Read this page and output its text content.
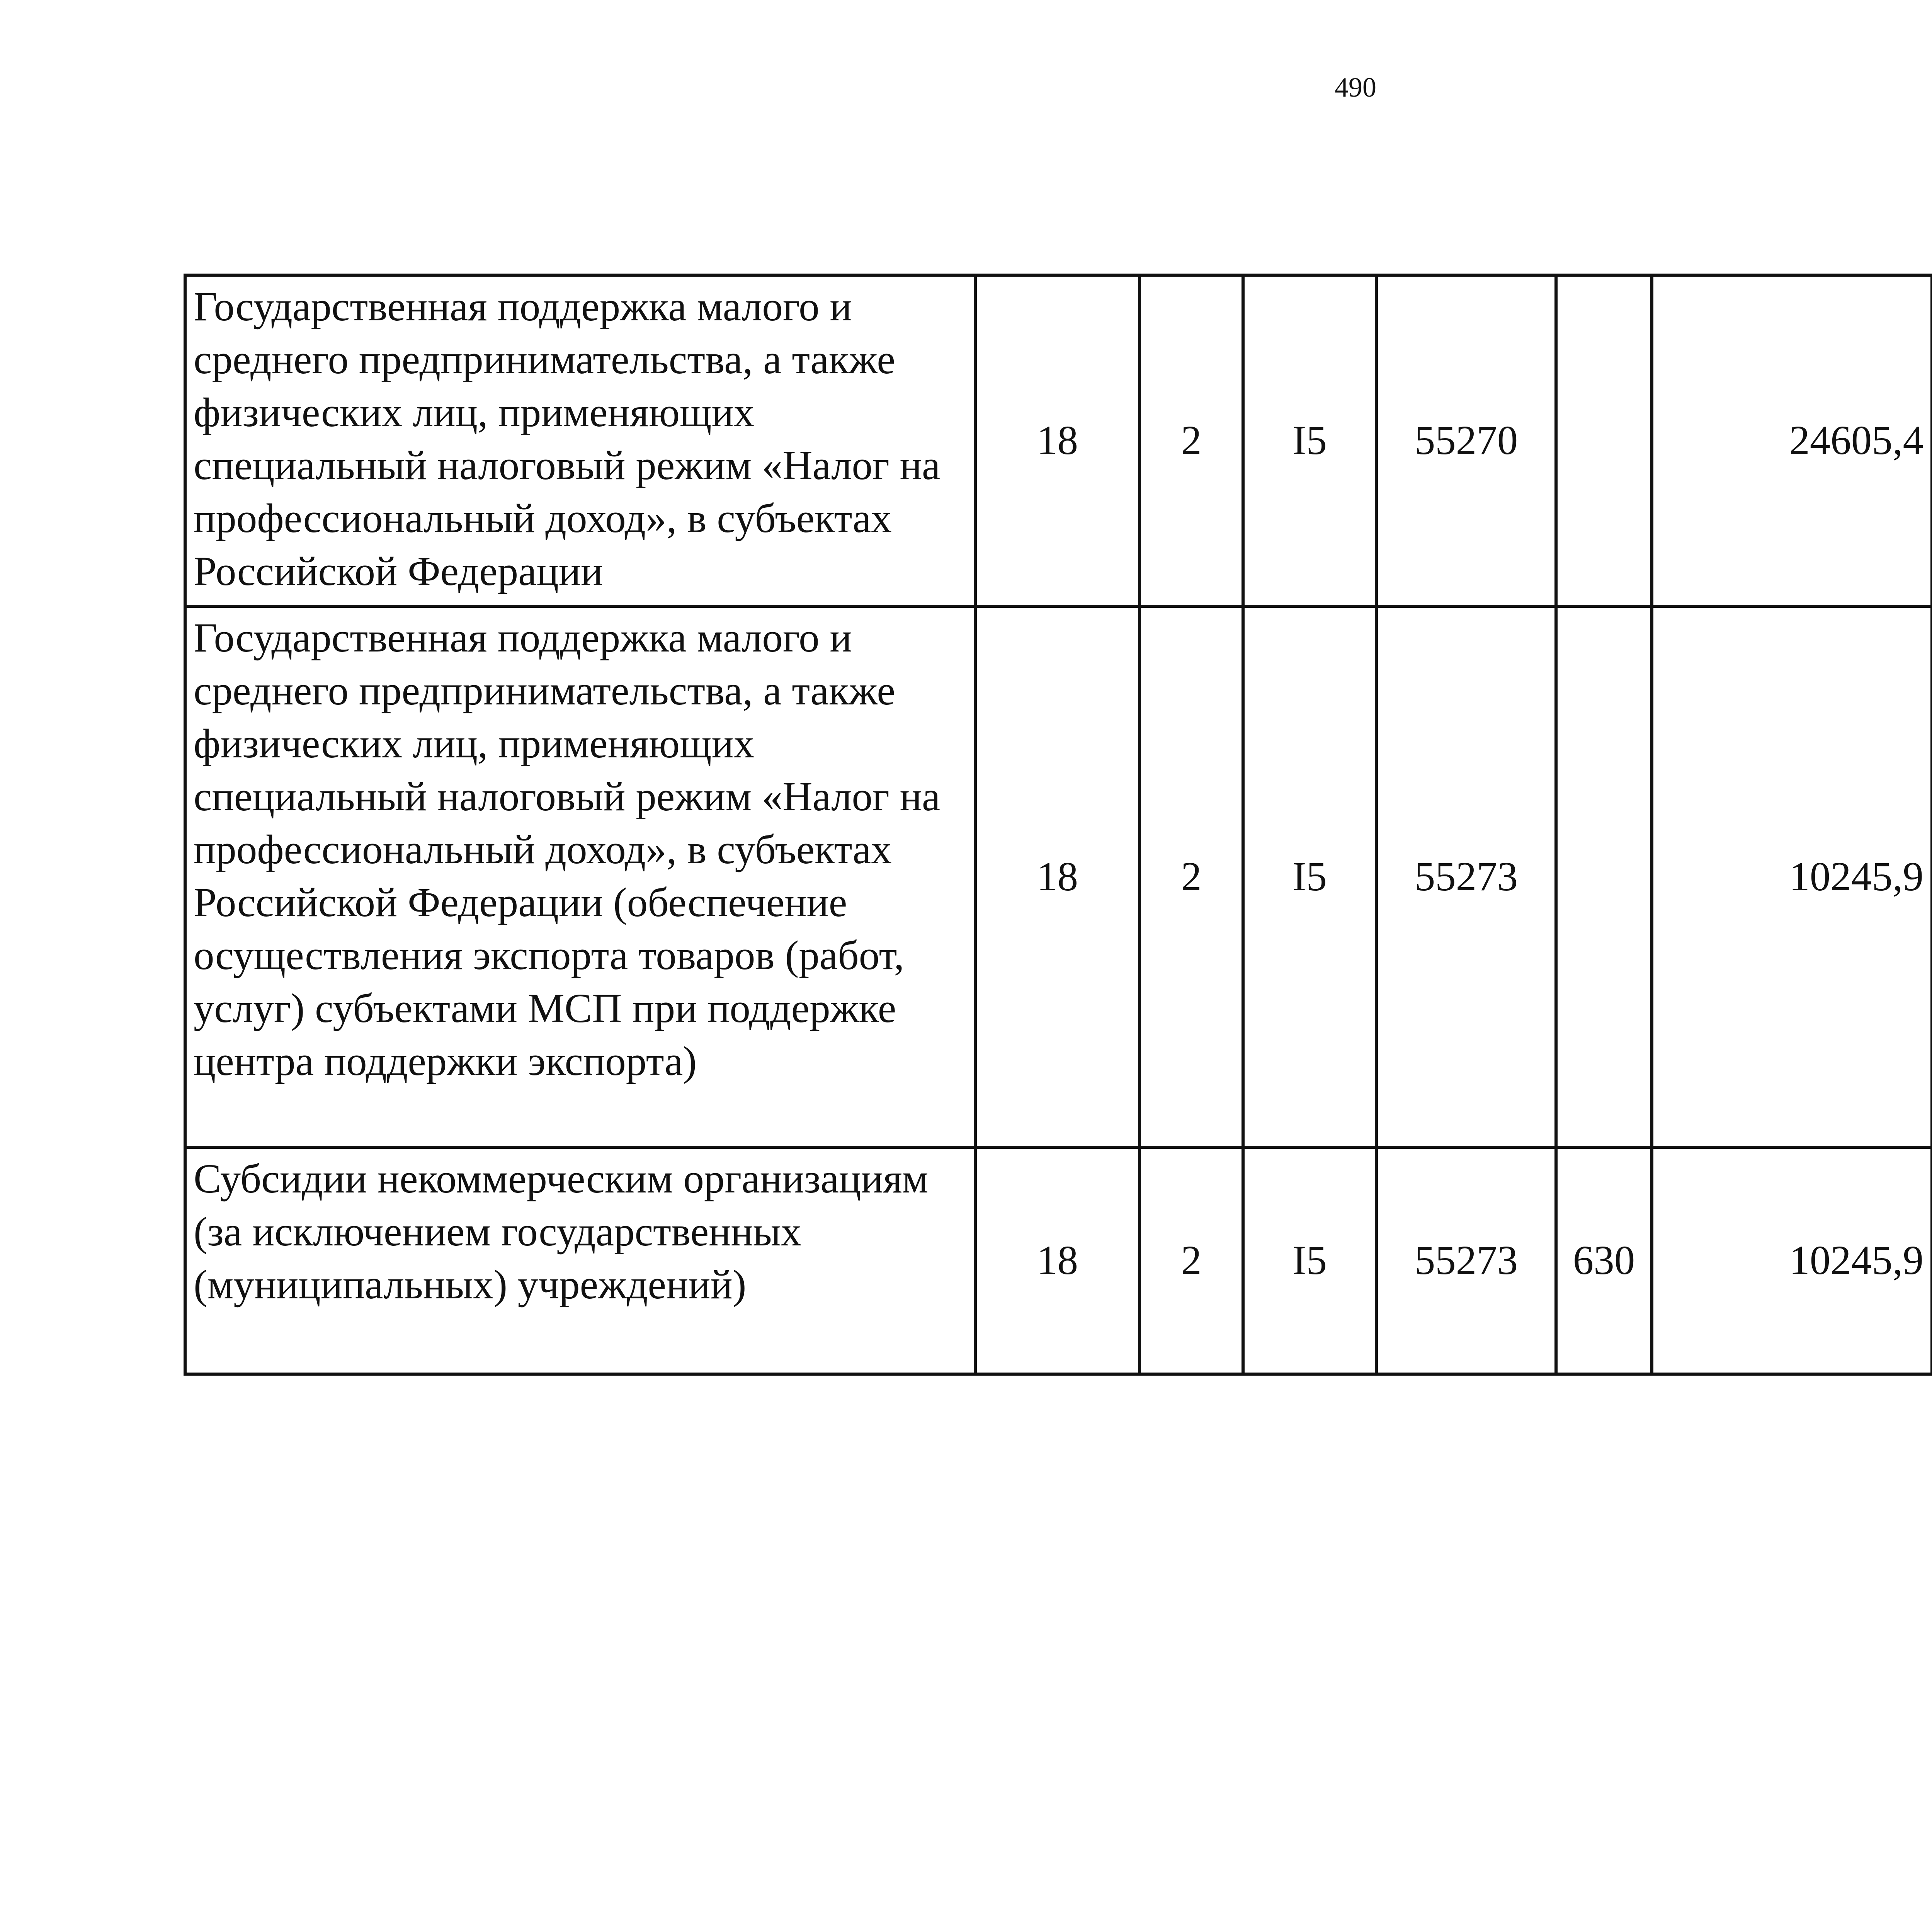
490
Государственная поддержка малого и среднего предпринимательства, а также физических лиц, применяющих специальный налоговый режим «Налог на профессиональный доход», в субъектах Российской Федерации	18	2	I5	55270		24605,4		
Государственная поддержка малого и среднего предпринимательства, а также физических лиц, применяющих специальный налоговый режим «Налог на профессиональный доход», в субъектах Российской Федерации (обеспечение осуществления экспорта товаров (работ, услуг) субъектами МСП при поддержке центра поддержки экспорта)	18	2	I5	55273		10245,9		
Субсидии некоммерческим организациям (за исключением государственных (муниципальных) учреждений)	18	2	I5	55273	630	10245,9		
